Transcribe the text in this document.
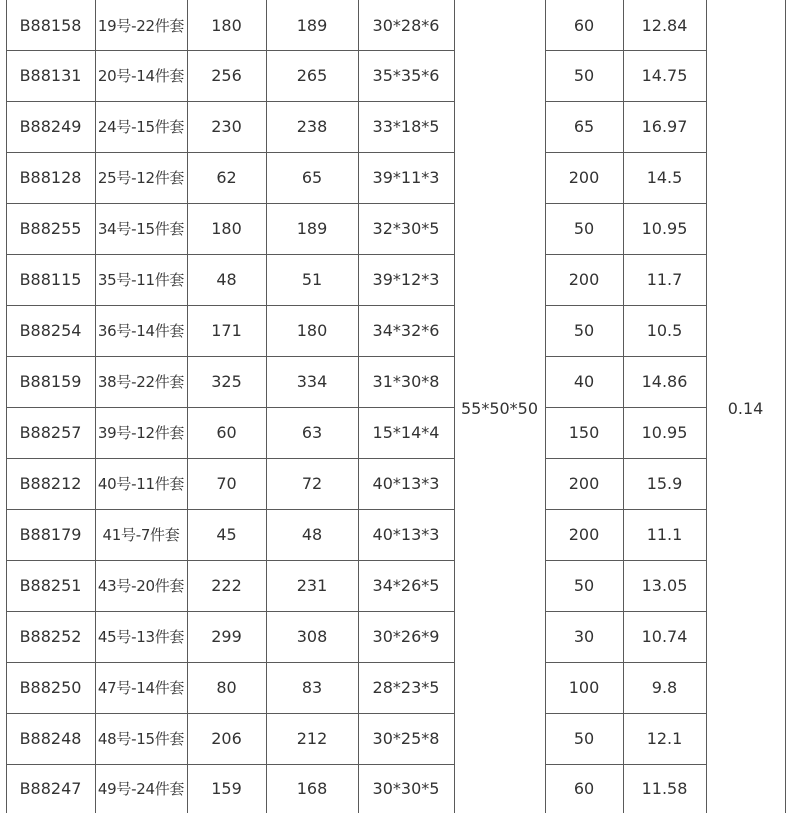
55*50*50	0.14
B88158	19号-22件套	180	189	30*28*6	60	12.84
B88131	20号-14件套	256	265	35*35*6	50	14.75
B88249	24号-15件套	230	238	33*18*5	65	16.97
B88128	25号-12件套	62	65	39*11*3	200	14.5
B88255	34号-15件套	180	189	32*30*5	50	10.95
B88115	35号-11件套	48	51	39*12*3	200	11.7
B88254	36号-14件套	171	180	34*32*6	50	10.5
B88159	38号-22件套	325	334	31*30*8	40	14.86
B88257	39号-12件套	60	63	15*14*4	150	10.95
B88212	40号-11件套	70	72	40*13*3	200	15.9
B88179	41号-7件套	45	48	40*13*3	200	11.1
B88251	43号-20件套	222	231	34*26*5	50	13.05
B88252	45号-13件套	299	308	30*26*9	30	10.74
B88250	47号-14件套	80	83	28*23*5	100	9.8
B88248	48号-15件套	206	212	30*25*8	50	12.1
B88247	49号-24件套	159	168	30*30*5	60	11.58
